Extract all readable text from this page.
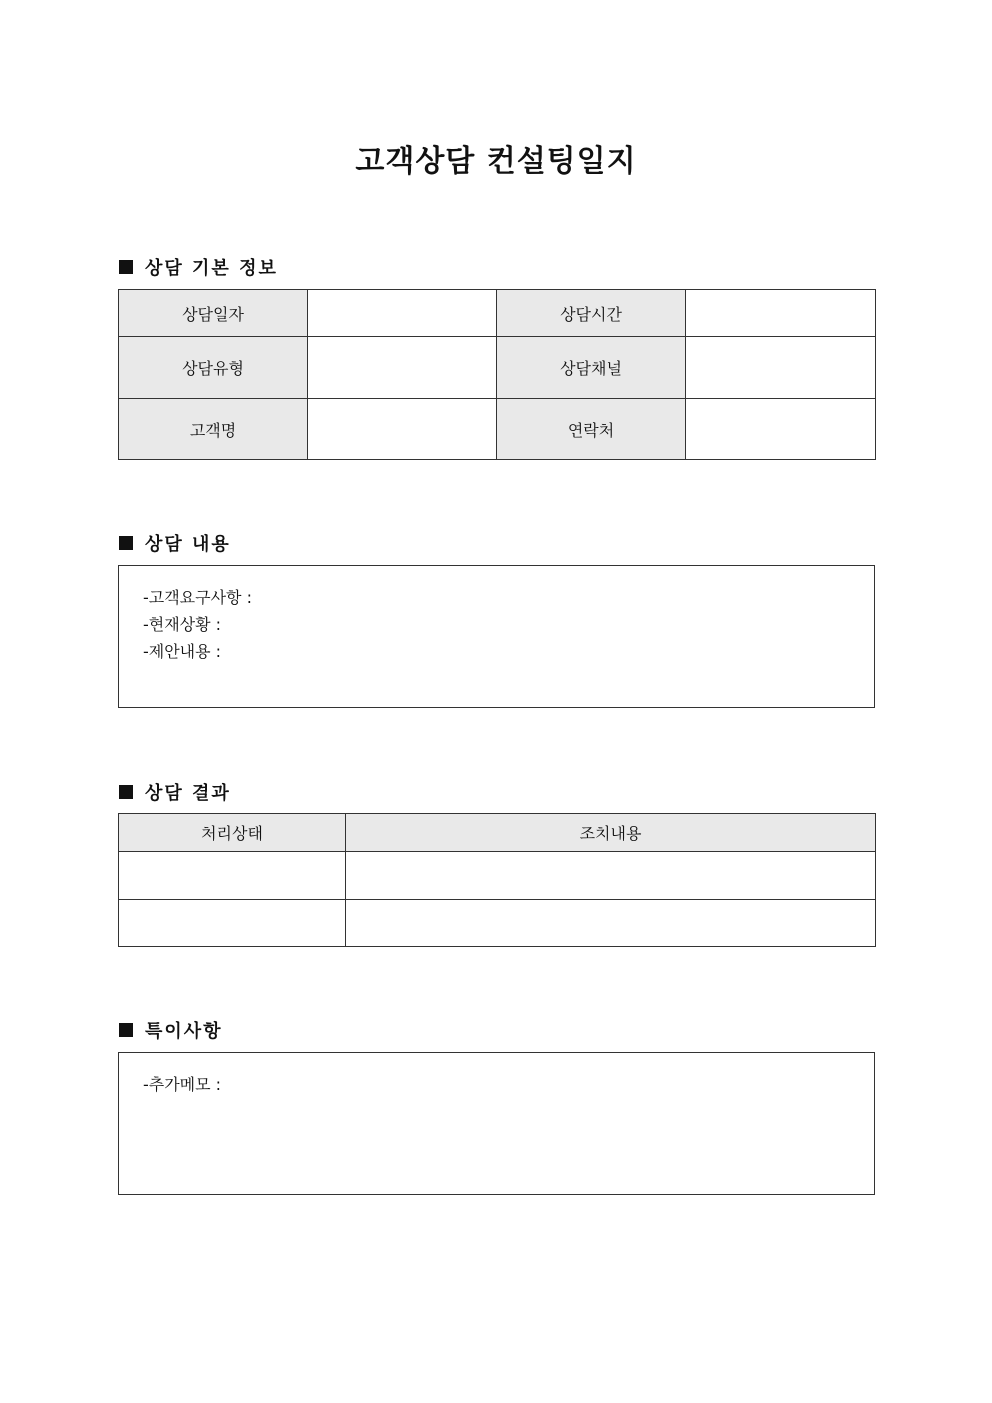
고객상담 컨설팅일지
상담 기본 정보
상담일자		상담시간	
상담유형		상담채널	
고객명		연락처	
상담 내용
-고객요구사항 :
-현재상황 :
-제안내용 :
상담 결과
처리상태	조치내용

특이사항
-추가메모 :
